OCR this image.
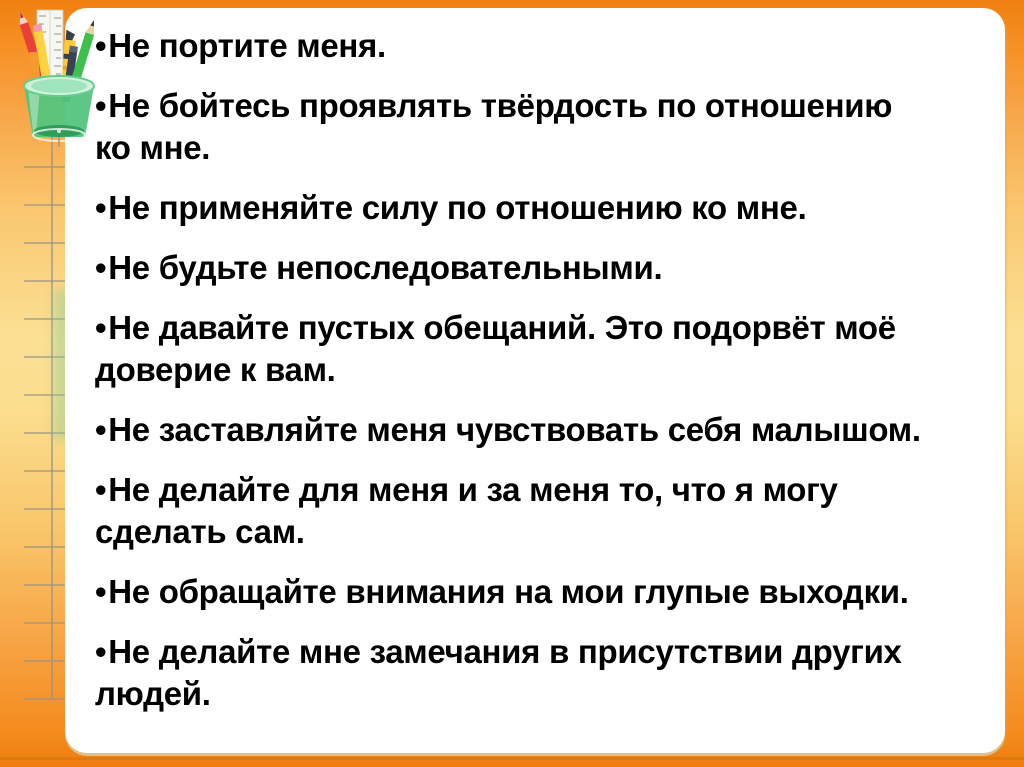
•Не портите меня.
•Не бойтесь проявлять твёрдость по отношению
ко мне.
•Не применяйте силу по отношению ко мне.
•Не будьте непоследовательными.
•Не давайте пустых обещаний. Это подорвёт моё
доверие к вам.
•Не заставляйте меня чувствовать себя малышом.
•Не делайте для меня и за меня то, что я могу
сделать сам.
•Не обращайте внимания на мои глупые выходки.
•Не делайте мне замечания в присутствии других
людей.
